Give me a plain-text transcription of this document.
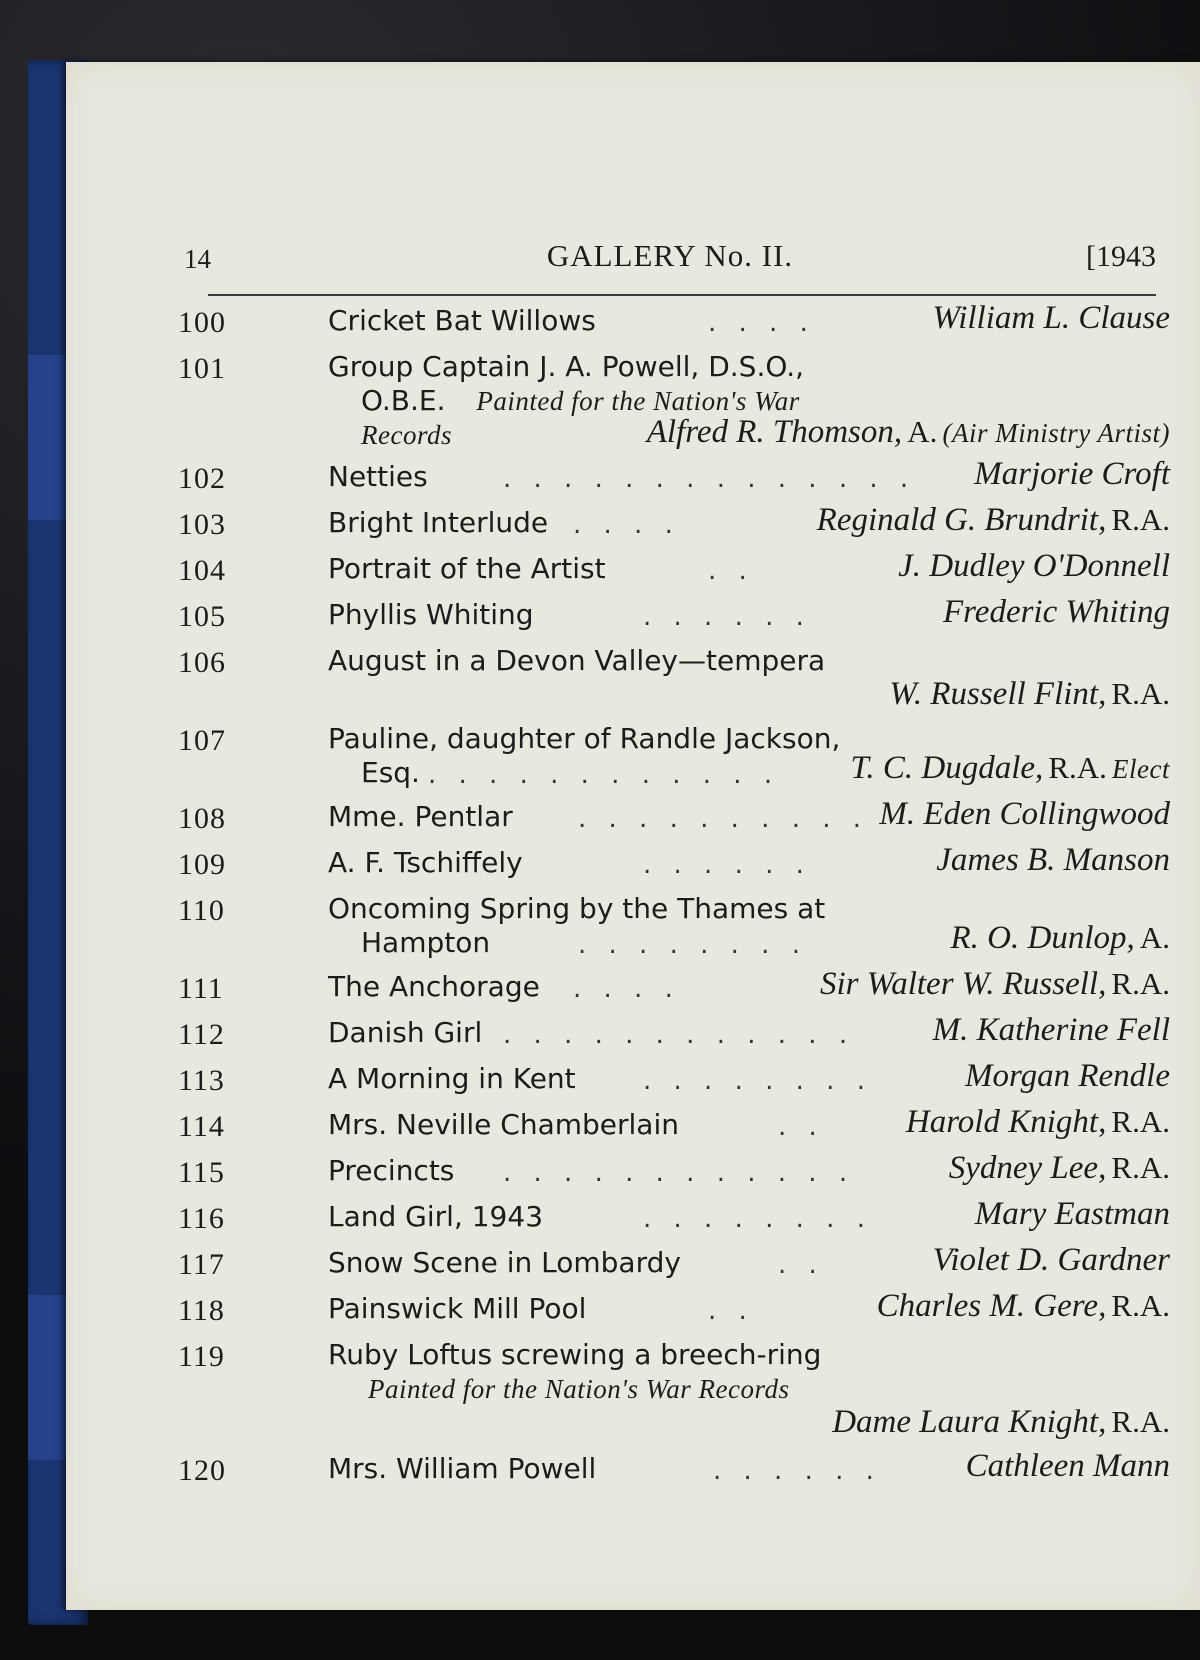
14	GALLERY No. II.	[1943
100	Cricket Bat Willows	. . . .	William L. Clause
101	Group Captain J. A. Powell, D.S.O.,
O.B.E. Painted for the Nation's War
Records	Alfred R. Thomson, A. (Air Ministry Artist)
102	Netties	. . . . . . . . . . . . . . Marjorie Croft
103	Bright Interlude . . . .	Reginald G. Brundrit, R.A.
104	Portrait of the Artist	. .	J. Dudley O'Donnell
105	Phyllis Whiting	. . . . . .	Frederic Whiting
106	August in a Devon Valley—tempera
W. Russell Flint, R.A.
107	Pauline, daughter of Randle Jackson,
Esq. . . . . . . . . . . . . T. C. Dugdale, R.A. Elect
108	Mme. Pentlar	. . . . . . . . . . M. Eden Collingwood
109	A. F. Tschiffely	. . . . . .	James B. Manson
110	Oncoming Spring by the Thames at
Hampton	. . . . . . . .	R. O. Dunlop, A.
111	The Anchorage . . . .	Sir Walter W. Russell, R.A.
112	Danish Girl . . . . . . . . . . . . M. Katherine Fell
113	A Morning in Kent	. . . . . . . .	Morgan Rendle
114	Mrs. Neville Chamberlain	. . Harold Knight, R.A.
115	Precincts . . . . . . . . . . . .	Sydney Lee, R.A.
116	Land Girl, 1943	. . . . . . . .	Mary Eastman
117	Snow Scene in Lombardy	. .	Violet D. Gardner
118	Painswick Mill Pool	. .	Charles M. Gere, R.A.
119	Ruby Loftus screwing a breech-ring
Painted for the Nation's War Records
Dame Laura Knight, R.A.
120	Mrs. William Powell	. . . . . .	Cathleen Mann
